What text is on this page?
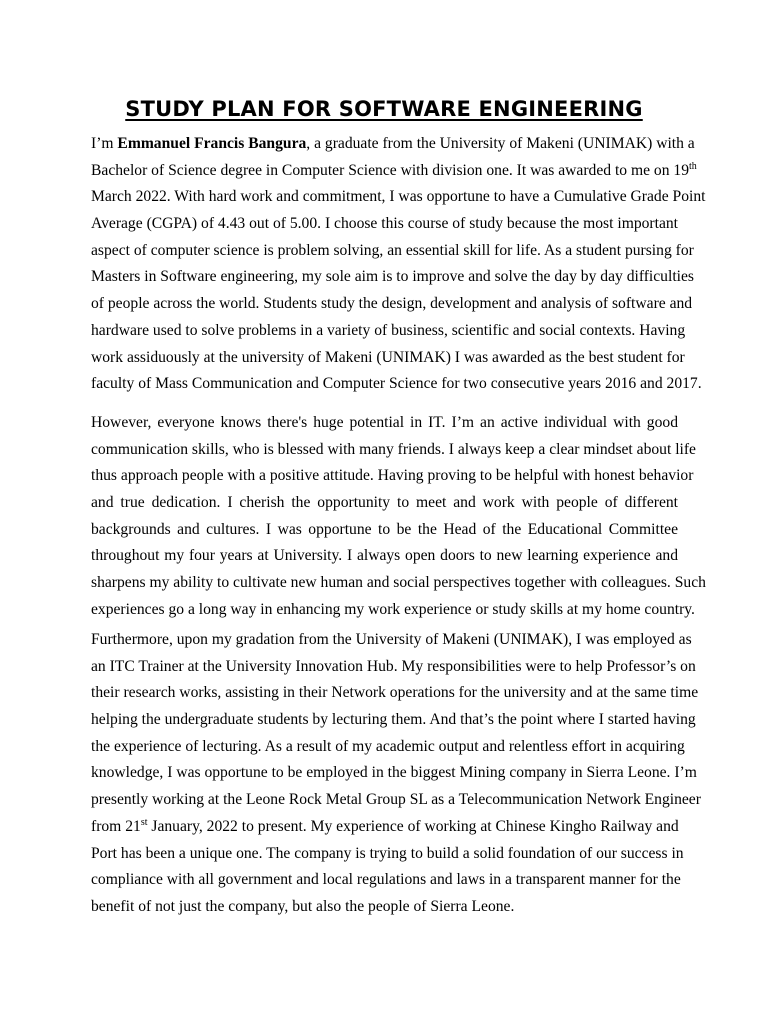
STUDY PLAN FOR SOFTWARE ENGINEERING

I’m Emmanuel Francis Bangura, a graduate from the University of Makeni (UNIMAK) with a
Bachelor of Science degree in Computer Science with division one. It was awarded to me on 19th
March 2022. With hard work and commitment, I was opportune to have a Cumulative Grade Point
Average (CGPA) of 4.43 out of 5.00. I choose this course of study because the most important
aspect of computer science is problem solving, an essential skill for life. As a student pursing for
Masters in Software engineering, my sole aim is to improve and solve the day by day difficulties
of people across the world. Students study the design, development and analysis of software and
hardware used to solve problems in a variety of business, scientific and social contexts. Having
work assiduously at the university of Makeni (UNIMAK) I was awarded as the best student for
faculty of Mass Communication and Computer Science for two consecutive years 2016 and 2017.

However, everyone knows there's huge potential in IT. I’m an active individual with good
communication skills, who is blessed with many friends. I always keep a clear mindset about life
thus approach people with a positive attitude. Having proving to be helpful with honest behavior
and true dedication. I cherish the opportunity to meet and work with people of different
backgrounds and cultures. I was opportune to be the Head of the Educational Committee
throughout my four years at University. I always open doors to new learning experience and
sharpens my ability to cultivate new human and social perspectives together with colleagues. Such
experiences go a long way in enhancing my work experience or study skills at my home country.

Furthermore, upon my gradation from the University of Makeni (UNIMAK), I was employed as
an ITC Trainer at the University Innovation Hub. My responsibilities were to help Professor’s on
their research works, assisting in their Network operations for the university and at the same time
helping the undergraduate students by lecturing them. And that’s the point where I started having
the experience of lecturing. As a result of my academic output and relentless effort in acquiring
knowledge, I was opportune to be employed in the biggest Mining company in Sierra Leone. I’m
presently working at the Leone Rock Metal Group SL as a Telecommunication Network Engineer
from 21st January, 2022 to present. My experience of working at Chinese Kingho Railway and
Port has been a unique one. The company is trying to build a solid foundation of our success in
compliance with all government and local regulations and laws in a transparent manner for the
benefit of not just the company, but also the people of Sierra Leone.
